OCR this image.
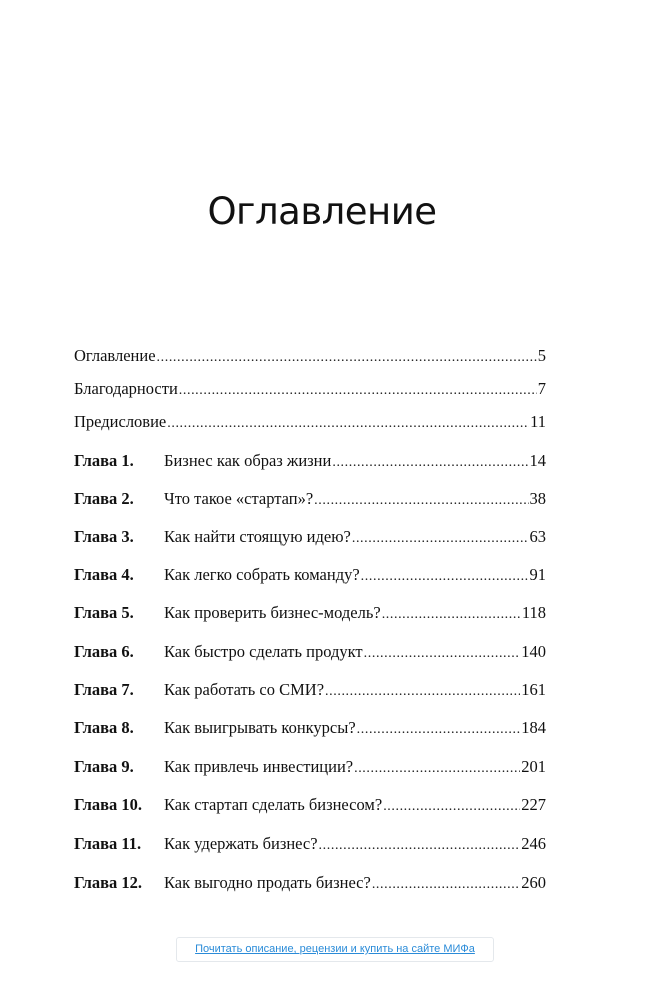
Оглавление
Оглавление .....	5
Благодарности .....	7
Предисловие .....	11
Глава 1.	Бизнес как образ жизни .....	14
Глава 2.	Что такое «стартап»? .....	38
Глава 3.	Как найти стоящую идею? .....	63
Глава 4.	Как легко собрать команду? .....	91
Глава 5.	Как проверить бизнес-модель? .....	118
Глава 6.	Как быстро сделать продукт .....	140
Глава 7.	Как работать со СМИ? .....	161
Глава 8.	Как выигрывать конкурсы? .....	184
Глава 9.	Как привлечь инвестиции? .....	201
Глава 10.	Как стартап сделать бизнесом? .....	227
Глава 11.	Как удержать бизнес? .....	246
Глава 12.	Как выгодно продать бизнес? .....	260
Почитать описание, рецензии и купить на сайте МИФа
